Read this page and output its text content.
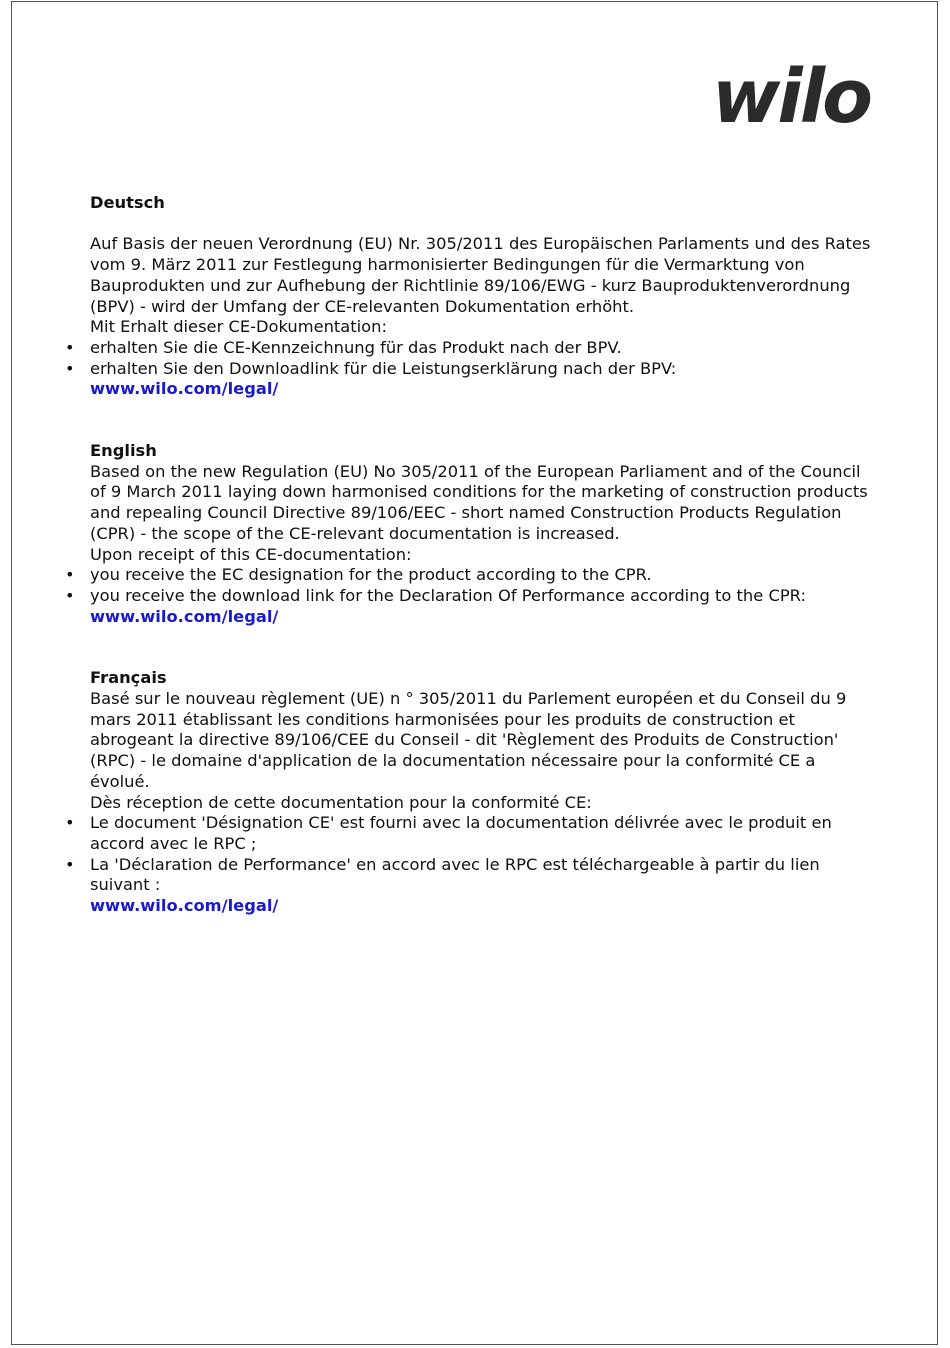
wilo
Deutsch

Auf Basis der neuen Verordnung (EU) Nr. 305/2011 des Europäischen Parlaments und des Rates vom 9. März 2011 zur Festlegung harmonisierter Bedingungen für die Vermarktung von Bauprodukten und zur Aufhebung der Richtlinie 89/106/EWG - kurz Bauproduktenverordnung (BPV) - wird der Umfang der CE-relevanten Dokumentation erhöht.

Mit Erhalt dieser CE-Dokumentation:

• erhalten Sie die CE-Kennzeichnung für das Produkt nach der BPV.
• erhalten Sie den Downloadlink für die Leistungserklärung nach der BPV:
www.wilo.com/legal/
English

Based on the new Regulation (EU) No 305/2011 of the European Parliament and of the Council of 9 March 2011 laying down harmonised conditions for the marketing of construction products and repealing Council Directive 89/106/EEC - short named Construction Products Regulation (CPR) - the scope of the CE-relevant documentation is increased.

Upon receipt of this CE-documentation:

• you receive the EC designation for the product according to the CPR.
• you receive the download link for the Declaration Of Performance according to the CPR:
www.wilo.com/legal/
Français

Basé sur le nouveau règlement (UE) n ° 305/2011 du Parlement européen et du Conseil du 9 mars 2011 établissant les conditions harmonisées pour les produits de construction et abrogeant la directive 89/106/CEE du Conseil - dit 'Règlement des Produits de Construction' (RPC) - le domaine d'application de la documentation nécessaire pour la conformité CE a évolué.

Dès réception de cette documentation pour la conformité CE:

• Le document 'Désignation CE' est fourni avec la documentation délivrée avec le produit en accord avec le RPC ;
• La 'Déclaration de Performance' en accord avec le RPC est téléchargeable à partir du lien suivant :
www.wilo.com/legal/
